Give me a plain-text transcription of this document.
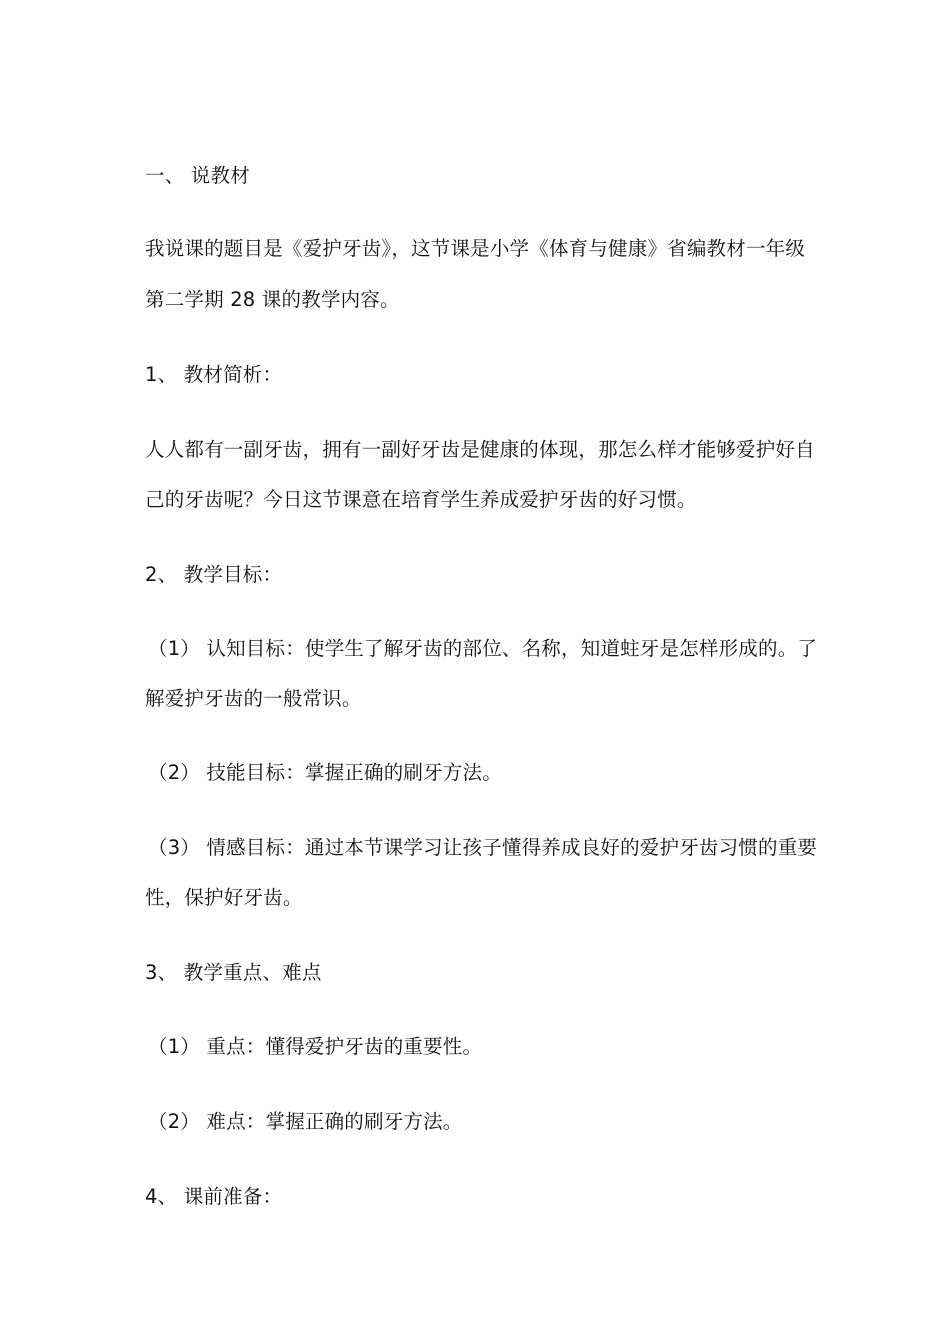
一、 说教材
我说课的题目是《爱护牙齿》，这节课是小学《体育与健康》省编教材一年级
第二学期 28 课的教学内容。
1、 教材简析：
人人都有一副牙齿，拥有一副好牙齿是健康的体现，那怎么样才能够爱护好自
己的牙齿呢？今日这节课意在培育学生养成爱护牙齿的好习惯。
2、 教学目标：
（1） 认知目标：使学生了解牙齿的部位、名称，知道蛀牙是怎样形成的。了
解爱护牙齿的一般常识。
（2） 技能目标：掌握正确的刷牙方法。
（3） 情感目标：通过本节课学习让孩子懂得养成良好的爱护牙齿习惯的重要
性，保护好牙齿。
3、 教学重点、难点
（1） 重点：懂得爱护牙齿的重要性。
（2） 难点：掌握正确的刷牙方法。
4、 课前准备：
